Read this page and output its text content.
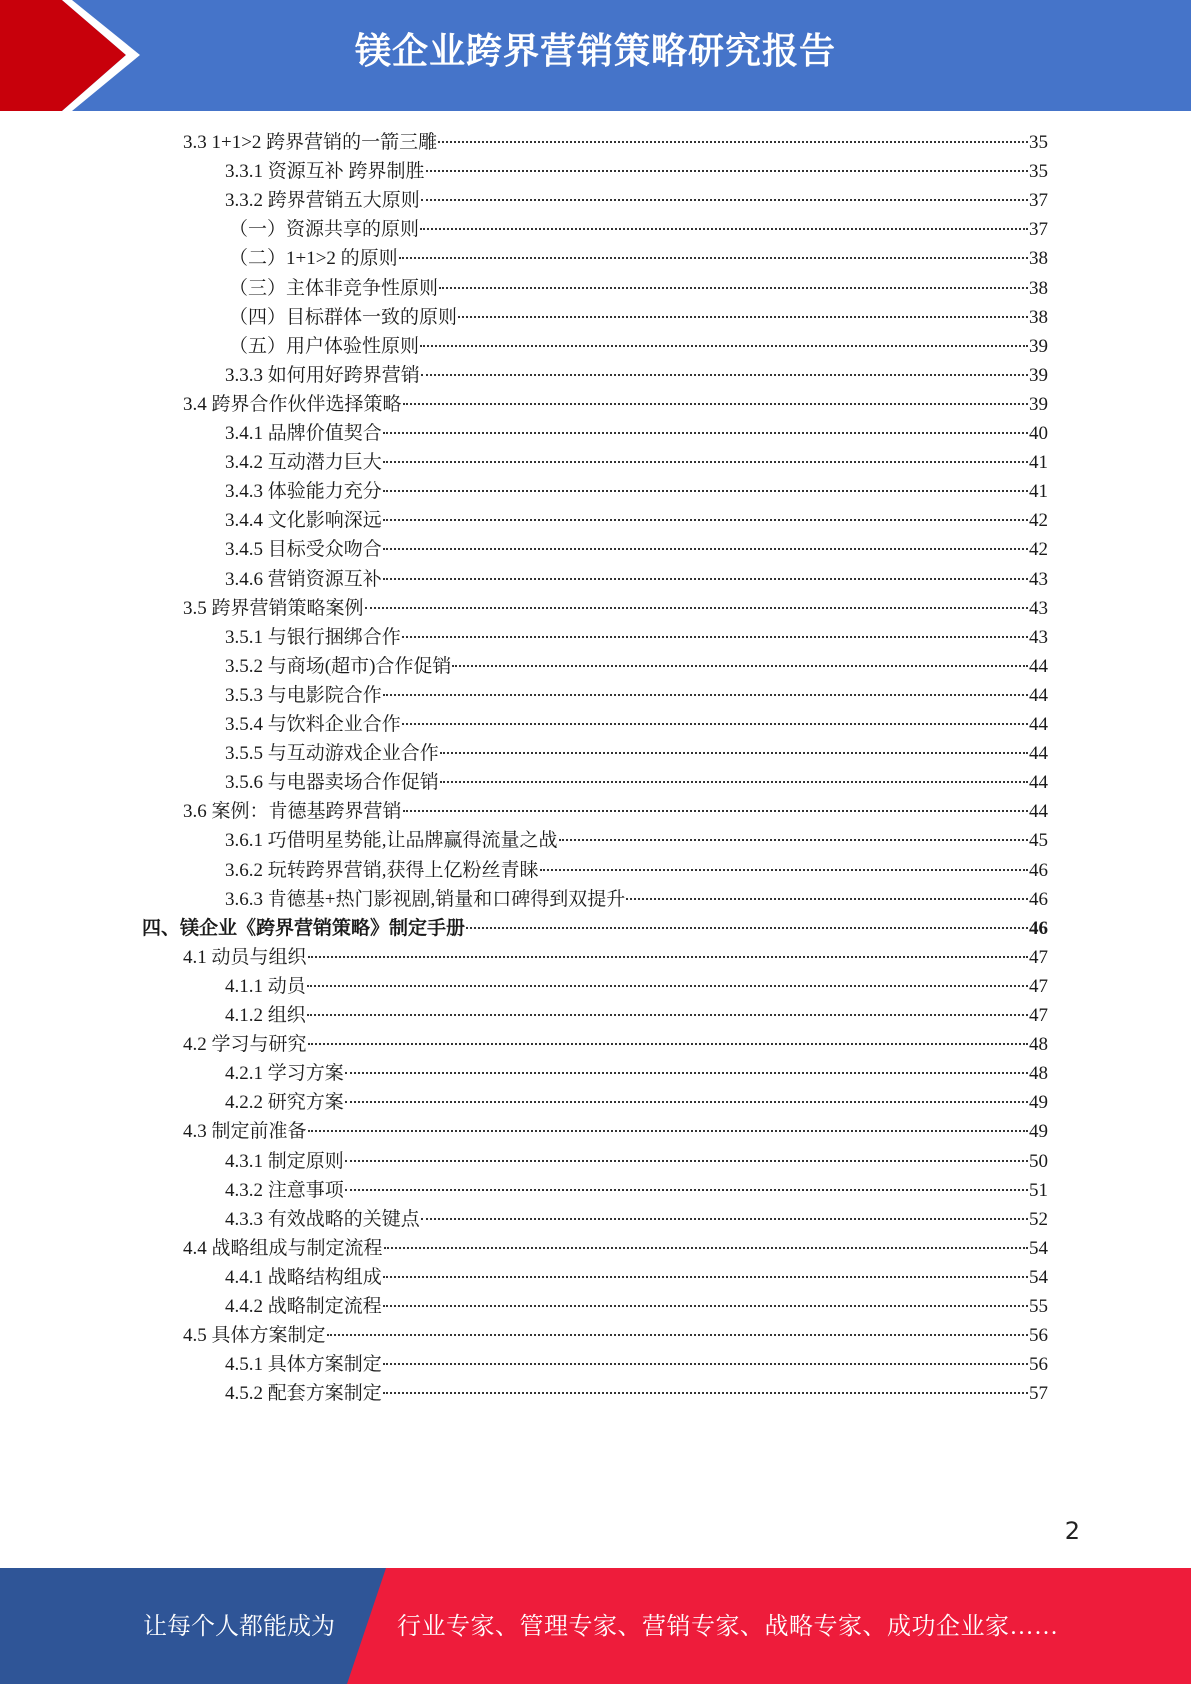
镁企业跨界营销策略研究报告
3.3 1+1>2 跨界营销的一箭三雕	35
3.3.1 资源互补 跨界制胜	35
3.3.2 跨界营销五大原则	37
（一）资源共享的原则	37
（二）1+1>2 的原则	38
（三）主体非竞争性原则	38
（四）目标群体一致的原则	38
（五）用户体验性原则	39
3.3.3 如何用好跨界营销	39
3.4 跨界合作伙伴选择策略	39
3.4.1 品牌价值契合	40
3.4.2 互动潜力巨大	41
3.4.3 体验能力充分	41
3.4.4 文化影响深远	42
3.4.5 目标受众吻合	42
3.4.6 营销资源互补	43
3.5 跨界营销策略案例	43
3.5.1 与银行捆绑合作	43
3.5.2 与商场(超市)合作促销	44
3.5.3 与电影院合作	44
3.5.4 与饮料企业合作	44
3.5.5 与互动游戏企业合作	44
3.5.6 与电器卖场合作促销	44
3.6 案例：肯德基跨界营销	44
3.6.1 巧借明星势能,让品牌赢得流量之战	45
3.6.2 玩转跨界营销,获得上亿粉丝青睐	46
3.6.3 肯德基+热门影视剧,销量和口碑得到双提升	46
四、镁企业《跨界营销策略》制定手册	46
4.1 动员与组织	47
4.1.1 动员	47
4.1.2 组织	47
4.2 学习与研究	48
4.2.1 学习方案	48
4.2.2 研究方案	49
4.3 制定前准备	49
4.3.1 制定原则	50
4.3.2 注意事项	51
4.3.3 有效战略的关键点	52
4.4 战略组成与制定流程	54
4.4.1 战略结构组成	54
4.4.2 战略制定流程	55
4.5 具体方案制定	56
4.5.1 具体方案制定	56
4.5.2 配套方案制定	57
2
让每个人都能成为	行业专家、管理专家、营销专家、战略专家、成功企业家……
